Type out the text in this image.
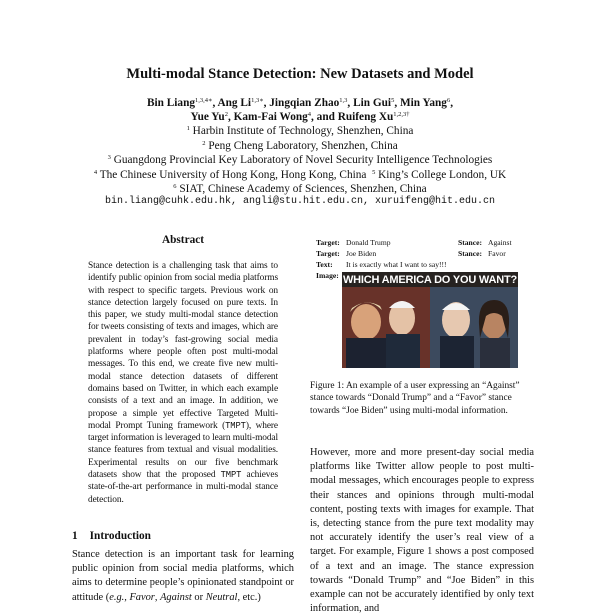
Multi-modal Stance Detection: New Datasets and Model
Bin Liang$^{1,3,4∗}$, Ang $Li^{1,3∗}$, Jingqian Zhao$^{1,3}$, Lin Gui$^5$, Min Yang$^6$,
Yue Yu$^2$, Kam-Fai Wong$^4$, and Ruifeng $Xu^{1,2,3\dagger}$
$^1$ Harbin Institute of Technology, Shenzhen, China
$^2$ Peng Cheng Laboratory, Shenzhen, China
$^3$ Guangdong Provincial Key Laboratory of Novel Security Intelligence Technologies
$^4$ The Chinese University of Hong Kong, Hong Kong, China $^5$ King’s College London, UK
$^6$ SIAT, Chinese Academy of Sciences, Shenzhen, China
bin.liang@cuhk.edu.hk, angli@stu.hit.edu.cn, xuruifeng@hit.edu.cn
Abstract
Stance detection is a challenging task that aims to identify public opinion from social media platforms with respect to specific targets. Previous work on stance detection largely focused on pure texts. In this paper, we study multi-modal stance detection for tweets consisting of texts and images, which are prevalent in today’s fast-growing social media platforms where people often post multi-modal messages. To this end, we create five new multi-modal stance detection datasets of different domains based on Twitter, in which each example consists of a text and an image. In addition, we propose a simple yet effective Targeted Multi-modal Prompt Tuning framework (TMPT), where target information is leveraged to learn multi-modal stance features from textual and visual modalities. Experimental results on our five benchmark datasets show that the proposed TMPT achieves state-of-the-art performance in multi-modal stance detection.
1 Introduction
Stance detection is an important task for learning public opinion from social media platforms, which aims to determine people’s opinionated standpoint or attitude (e.g., Favor, Against or Neutral, etc.)
Target: Donald Trump	Stance: Against
Target: Joe Biden	Stance: Favor
Text:	It is exactly what I want to say!!!
Image: WHICH AMERICA DO YOU WANT?
Figure 1: An example of a user expressing an “Against” stance towards “Donald Trump” and a “Favor” stance towards “Joe Biden” using multi-modal information.
However, more and more present-day social media platforms like Twitter allow people to post multi-modal messages, which encourages people to express their stances and opinions through multi-modal content, posting texts with images for example. That is, detecting stance from the pure text modality may not accurately identify the user’s real view of a target. For example, Figure 1 shows a post composed of a text and an image. The stance expression towards “Donald Trump” and “Joe Biden” in this example can not be accurately identified by only text information, and
